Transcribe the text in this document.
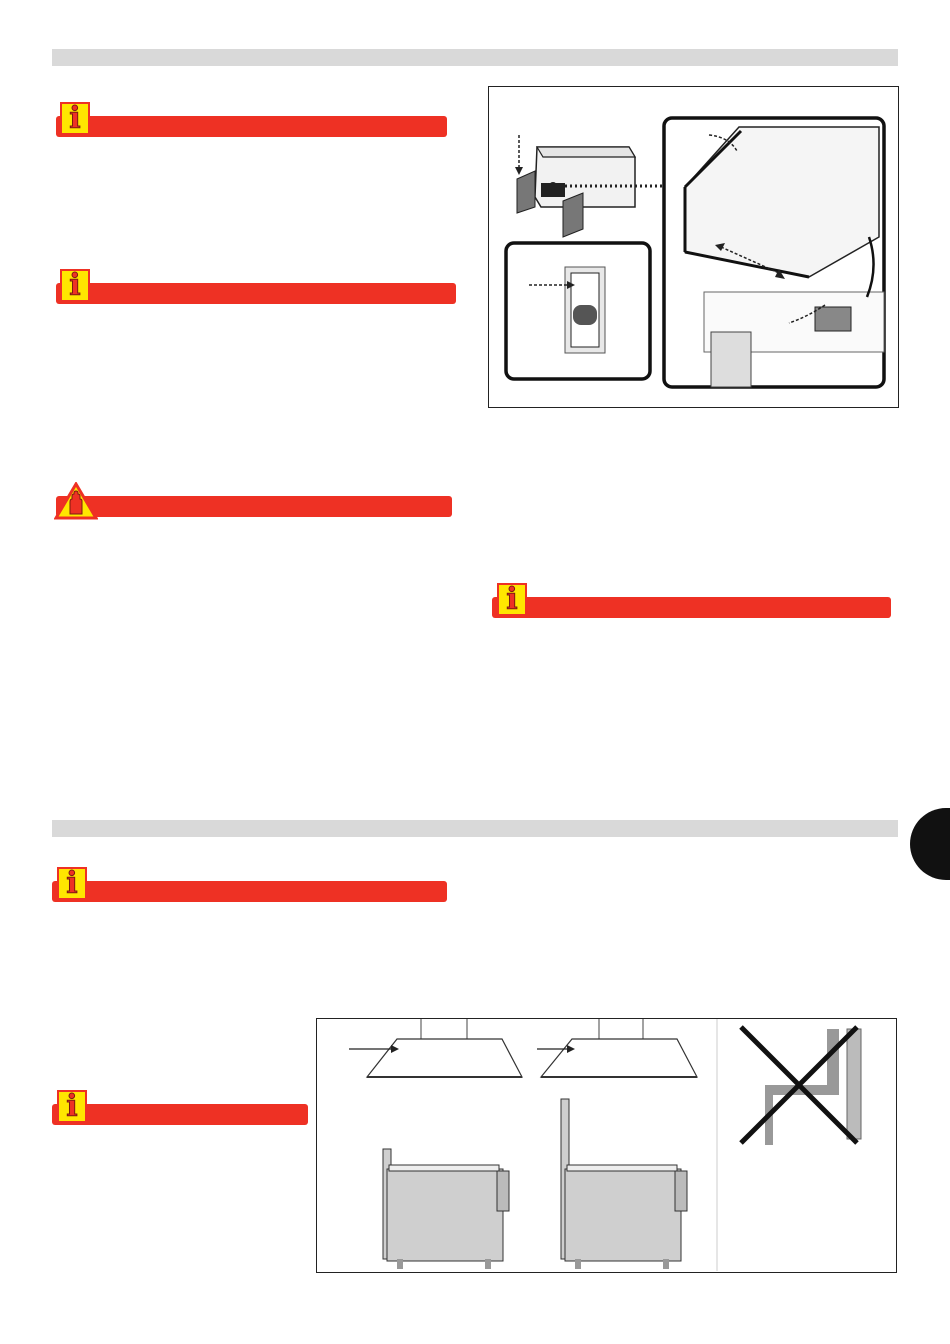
i
i
i
i
i
